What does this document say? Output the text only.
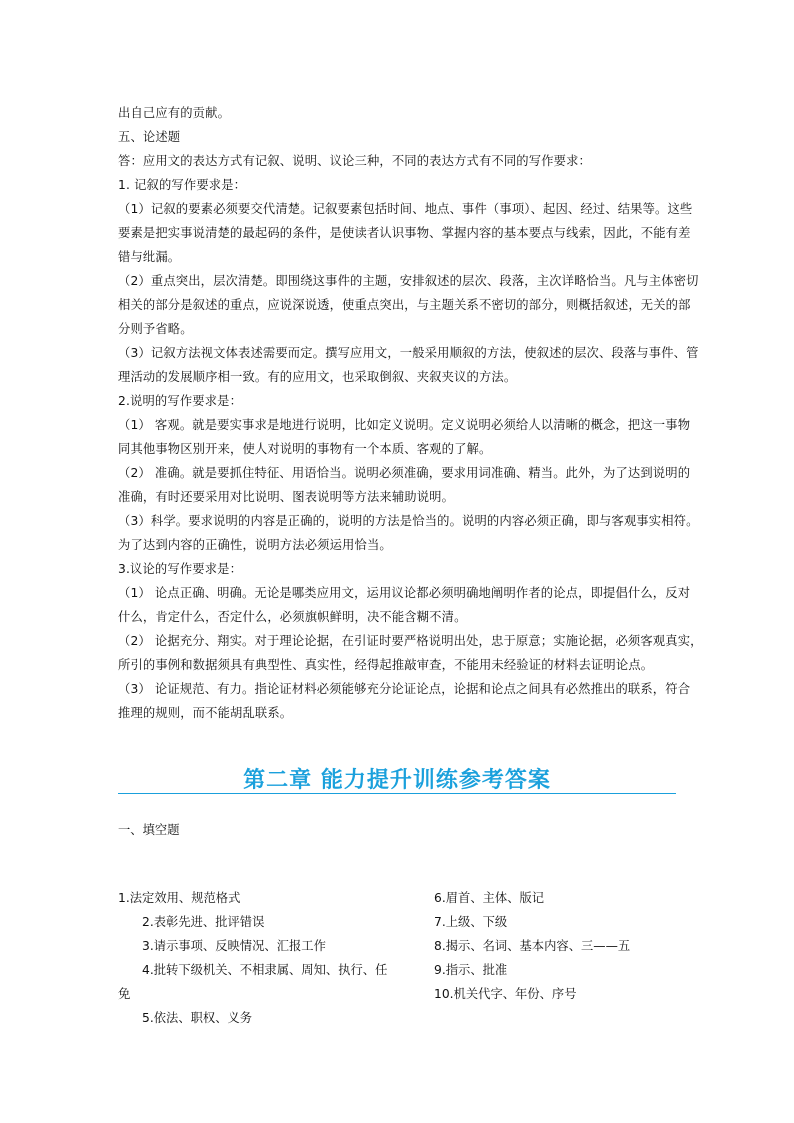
出自己应有的贡献。

五、论述题

答：应用文的表达方式有记叙、说明、议论三种，不同的表达方式有不同的写作要求：

1. 记叙的写作要求是：

（1）记叙的要素必须要交代清楚。记叙要素包括时间、地点、事件（事项）、起因、经过、结果等。这些
要素是把实事说清楚的最起码的条件，是使读者认识事物、掌握内容的基本要点与线索，因此，不能有差
错与纰漏。

（2）重点突出，层次清楚。即围绕这事件的主题，安排叙述的层次、段落，主次详略恰当。凡与主体密切
相关的部分是叙述的重点，应说深说透，使重点突出，与主题关系不密切的部分，则概括叙述，无关的部
分则予省略。

（3）记叙方法视文体表述需要而定。撰写应用文，一般采用顺叙的方法，使叙述的层次、段落与事件、管
理活动的发展顺序相一致。有的应用文，也采取倒叙、夹叙夹议的方法。

2.说明的写作要求是：

（1） 客观。就是要实事求是地进行说明，比如定义说明。定义说明必须给人以清晰的概念，把这一事物
同其他事物区别开来，使人对说明的事物有一个本质、客观的了解。

（2） 准确。就是要抓住特征、用语恰当。说明必须准确，要求用词准确、精当。此外，为了达到说明的
准确，有时还要采用对比说明、图表说明等方法来辅助说明。

（3）科学。要求说明的内容是正确的，说明的方法是恰当的。说明的内容必须正确，即与客观事实相符。
为了达到内容的正确性，说明方法必须运用恰当。

3.议论的写作要求是：

（1） 论点正确、明确。无论是哪类应用文，运用议论都必须明确地阐明作者的论点，即提倡什么，反对
什么，肯定什么，否定什么，必须旗帜鲜明，决不能含糊不清。

（2） 论据充分、翔实。对于理论论据，在引证时要严格说明出处，忠于原意；实施论据，必须客观真实，
所引的事例和数据须具有典型性、真实性，经得起推敲审查，不能用未经验证的材料去证明论点。

（3） 论证规范、有力。指论证材料必须能够充分论证论点，论据和论点之间具有必然推出的联系，符合
推理的规则，而不能胡乱联系。

第二章 能力提升训练参考答案

一、填空题

1.法定效用、规范格式
2.表彰先进、批评错误
3.请示事项、反映情况、汇报工作
4.批转下级机关、不相隶属、周知、执行、任
免
5.依法、职权、义务
6.眉首、主体、版记
7.上级、下级
8.揭示、名词、基本内容、三——五
9.指示、批准
10.机关代字、年份、序号
